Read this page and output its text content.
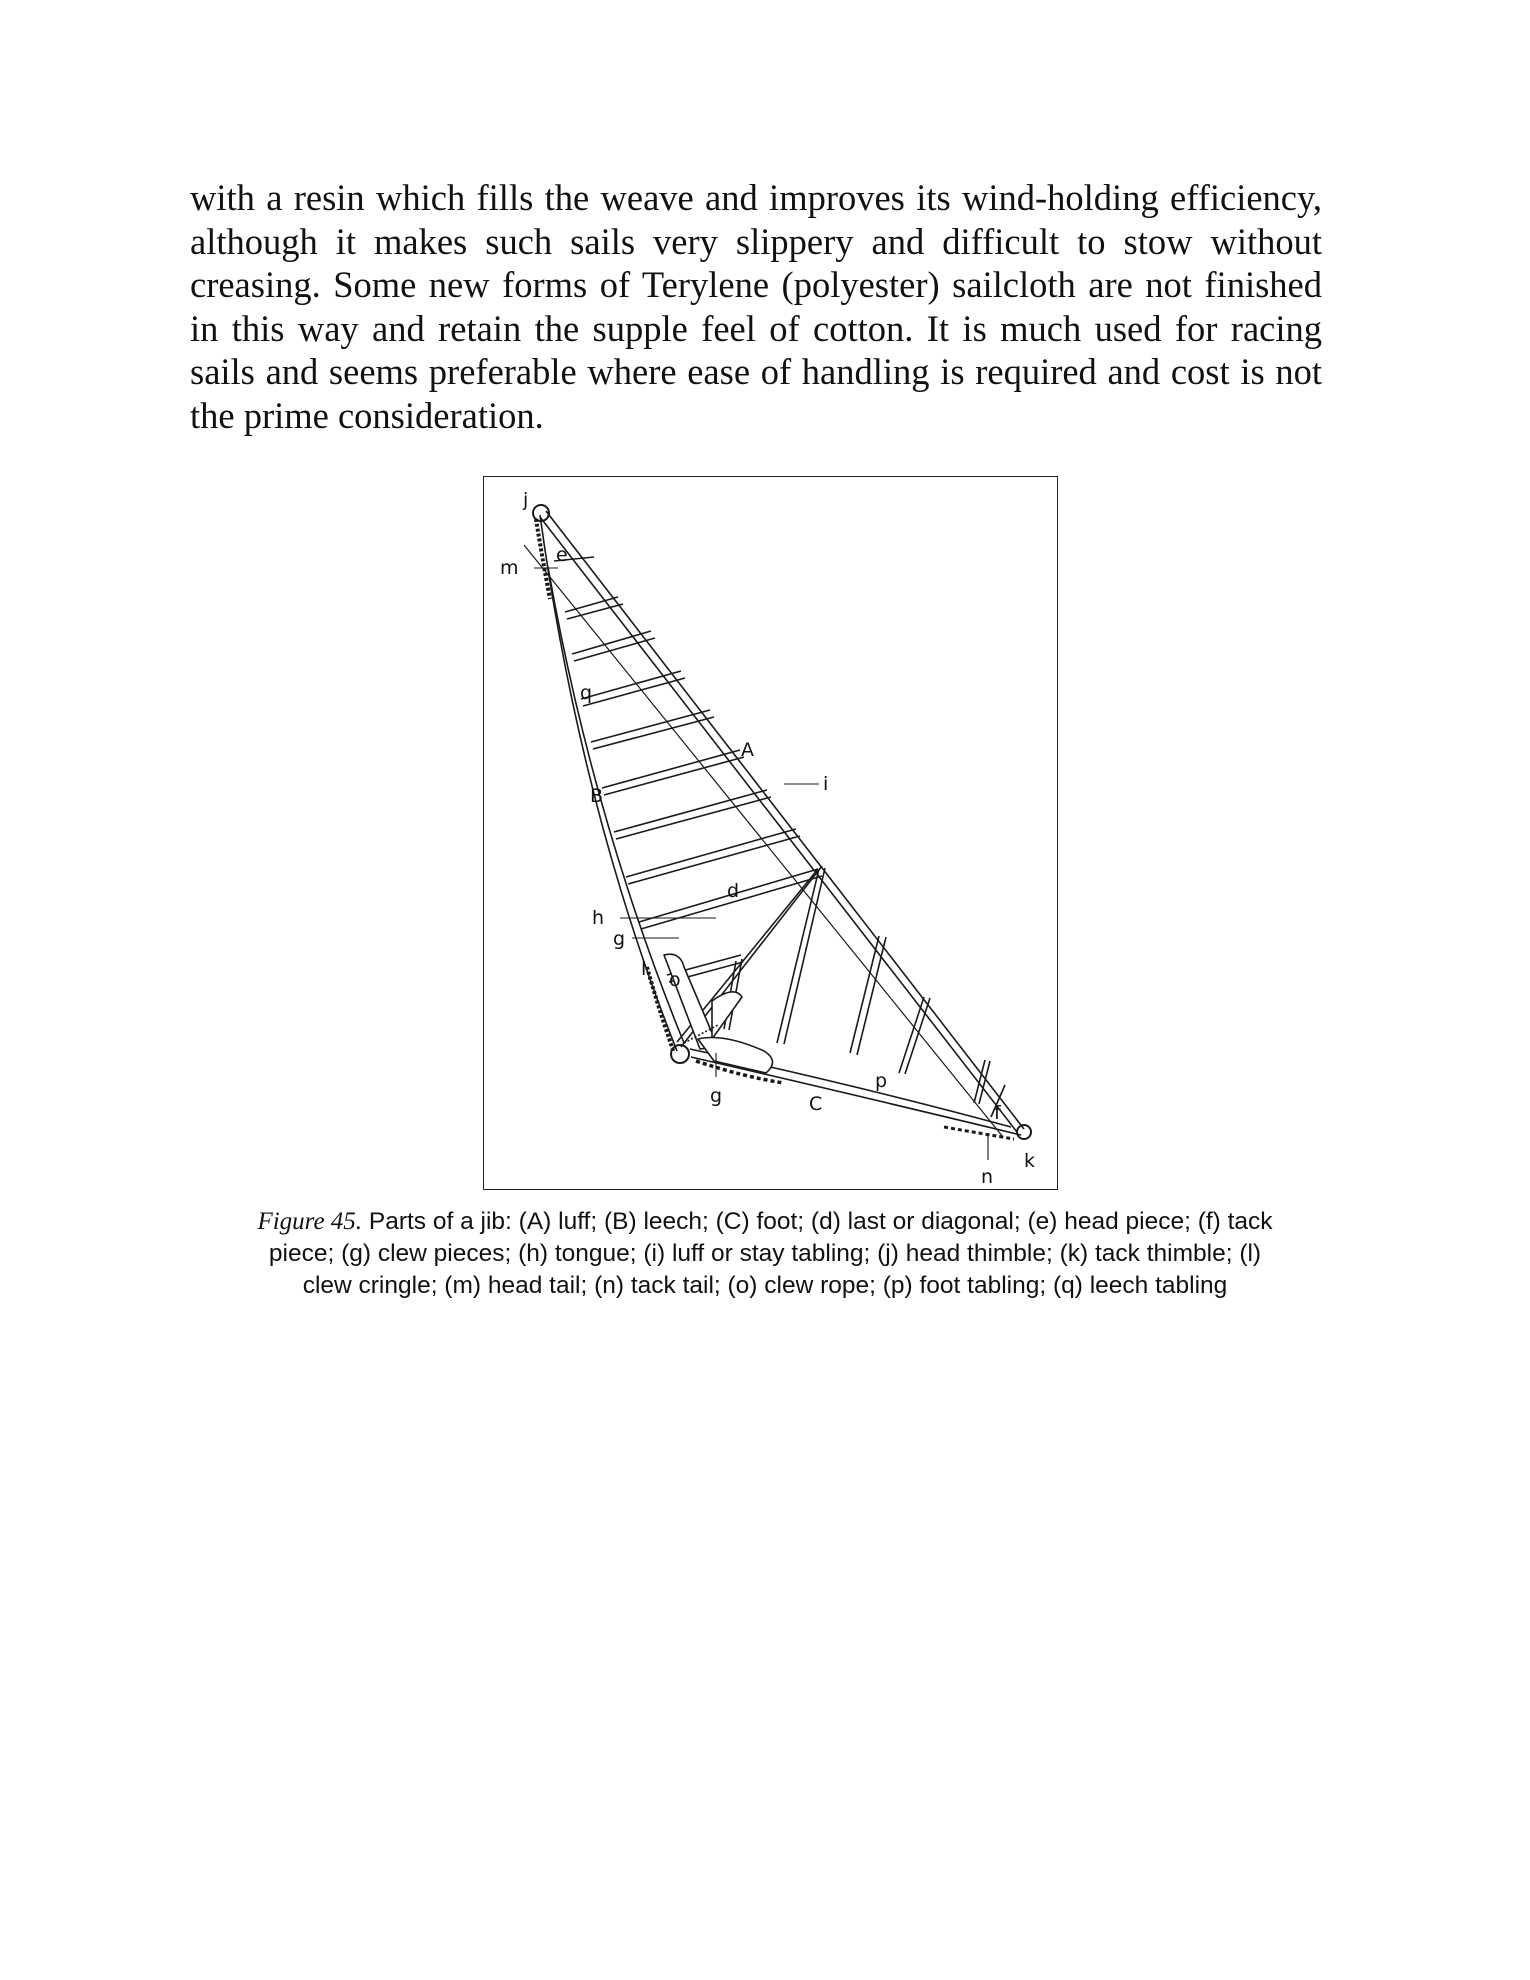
with a resin which fills the weave and improves its wind-holding efficiency,
although it makes such sails very slippery and difficult to stow without
creasing. Some new forms of Terylene (polyester) sailcloth are not finished
in this way and retain the supple feel of cotton. It is much used for racing
sails and seems preferable where ease of handling is required and cost is not
the prime consideration.
j
m
e
q
A
i
B
d
h
g
l o
g	C
p
f
k
n
Figure 45. Parts of a jib: (A) luff; (B) leech; (C) foot; (d) last or diagonal; (e) head piece; (f) tack
piece; (g) clew pieces; (h) tongue; (i) luff or stay tabling; (j) head thimble; (k) tack thimble; (l)
clew cringle; (m) head tail; (n) tack tail; (o) clew rope; (p) foot tabling; (q) leech tabling
